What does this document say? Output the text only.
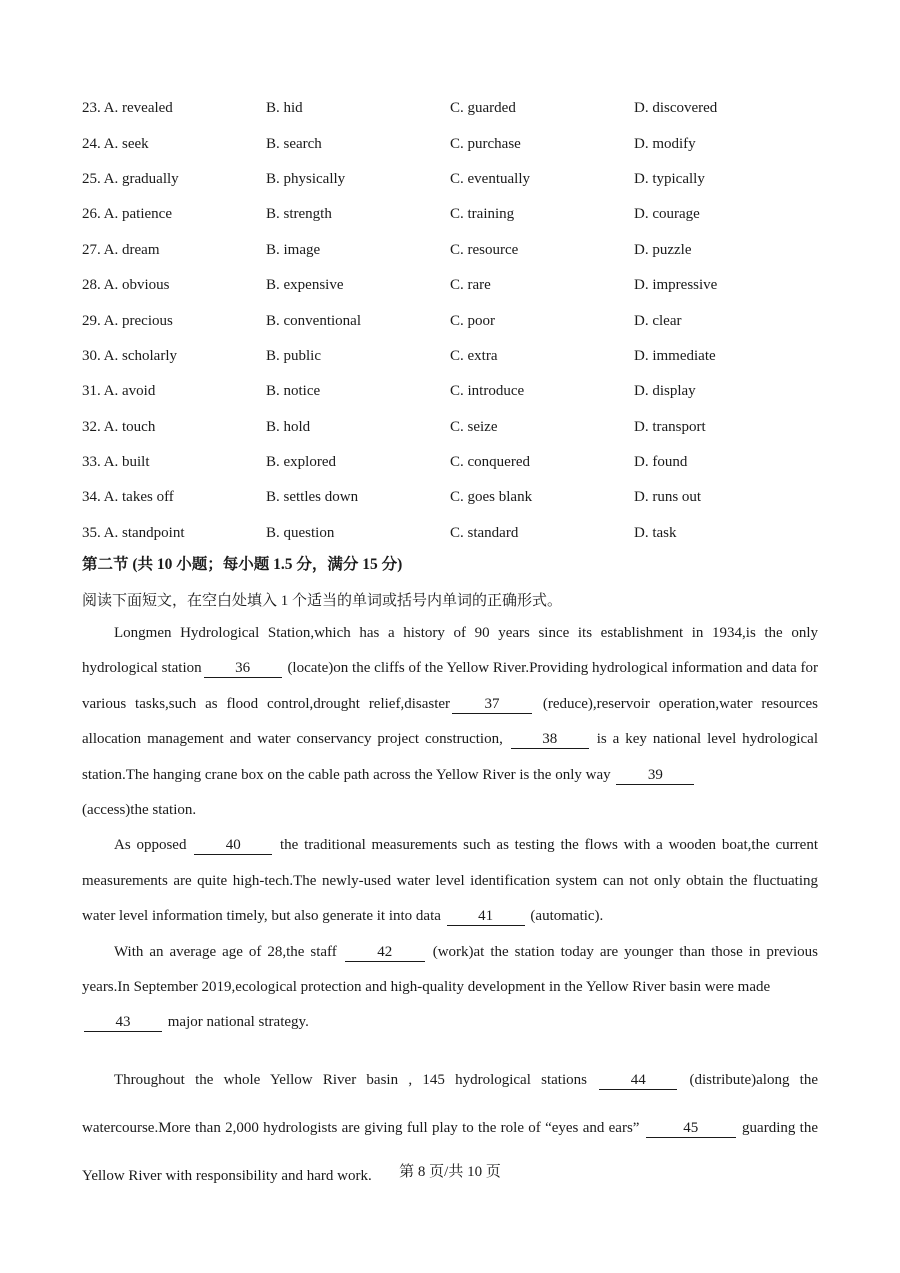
23. A. revealed	B. hid	C. guarded	D. discovered
24. A. seek	B. search	C. purchase	D. modify
25. A. gradually	B. physically	C. eventually	D. typically
26. A. patience	B. strength	C. training	D. courage
27. A. dream	B. image	C. resource	D. puzzle
28. A. obvious	B. expensive	C. rare	D. impressive
29. A. precious	B. conventional	C. poor	D. clear
30. A. scholarly	B. public	C. extra	D. immediate
31. A. avoid	B. notice	C. introduce	D. display
32. A. touch	B. hold	C. seize	D. transport
33. A. built	B. explored	C. conquered	D. found
34. A. takes off	B. settles down	C. goes blank	D. runs out
35. A. standpoint	B. question	C. standard	D. task
第二节 (共 10 小题；每小题 1.5 分，满分 15 分)
阅读下面短文，在空白处填入 1 个适当的单词或括号内单词的正确形式。

Longmen Hydrological Station,which has a history of 90 years since its establishment in 1934,is the only hydrological station 36 (locate)on the cliffs of the Yellow River.Providing hydrological information and data for various tasks,such as flood control,drought relief,disaster 37	(reduce),reservoir operation,water resources allocation management and water conservancy project construction,	38	is a key national level hydrological station.The hanging crane box on the cable path across the Yellow River is the only way 39
(access)the station.

As opposed	40	the traditional measurements such as testing the flows with a wooden boat,the current measurements are quite high-tech.The newly-used water level identification system can not only obtain the fluctuating water level information timely, but also generate it into data 41 (automatic).

With an average age of 28,the staff	42	(work)at the station today are younger than those in previous years.In September 2019,ecological protection and high-quality development in the Yellow River basin were made
43 major national strategy.

Throughout the whole Yellow River basin , 145 hydrological stations	44	(distribute)along the watercourse.More than 2,000 hydrologists are giving full play to the role of “eyes and ears”	45	guarding the Yellow River with responsibility and hard work.	第 8 页/共 10 页
